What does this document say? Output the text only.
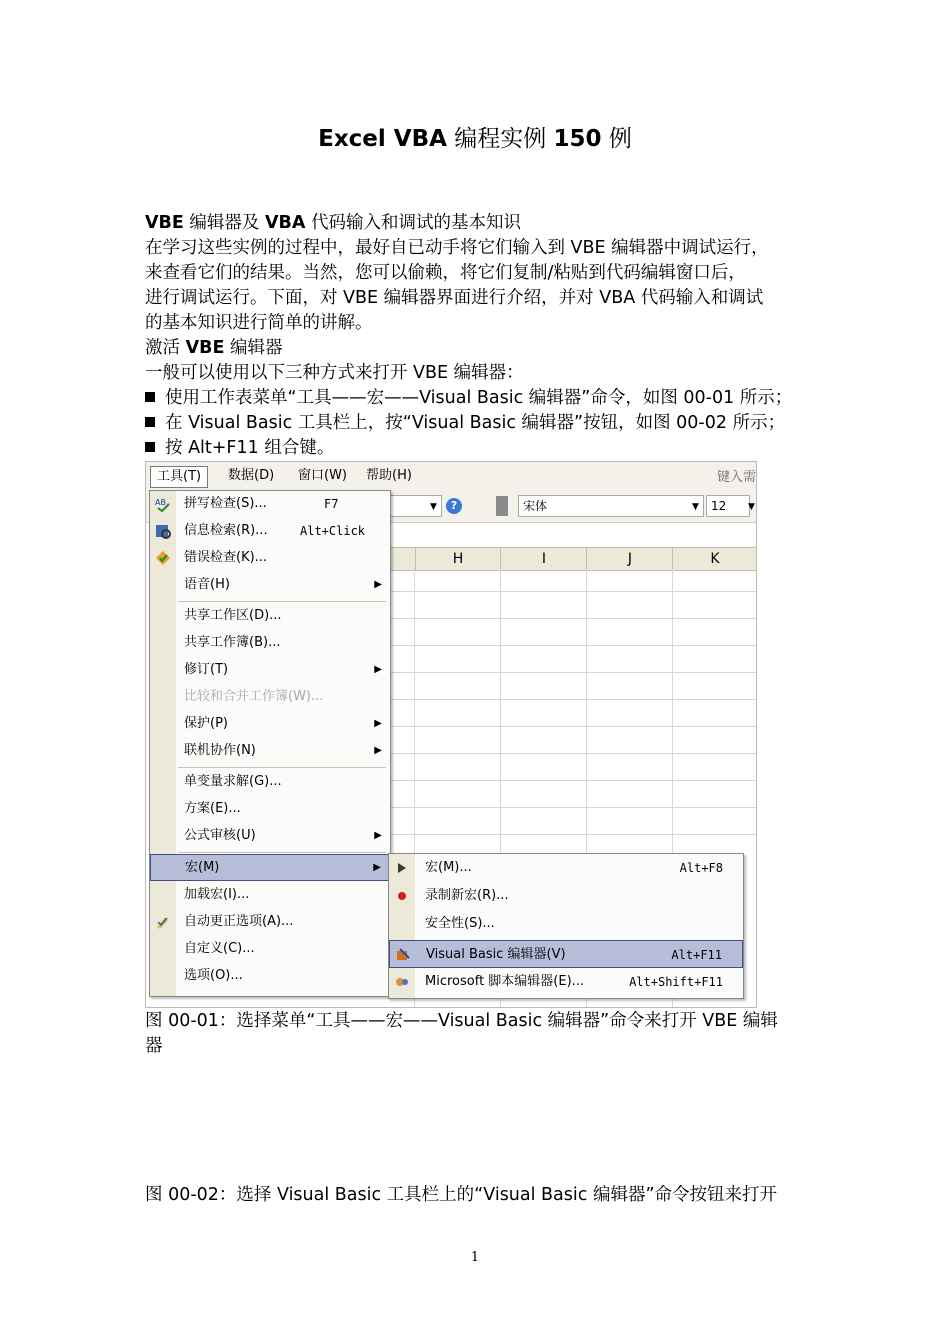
Excel VBA 编程实例 150 例
VBE 编辑器及 VBA 代码输入和调试的基本知识
在学习这些实例的过程中，最好自已动手将它们输入到 VBE 编辑器中调试运行，
来查看它们的结果。当然，您可以偷赖，将它们复制/粘贴到代码编辑窗口后，
进行调试运行。下面，对 VBE 编辑器界面进行介绍，并对 VBA 代码输入和调试
的基本知识进行简单的讲解。
激活 VBE 编辑器
一般可以使用以下三种方式来打开 VBE 编辑器：
使用工作表菜单“工具——宏——Visual Basic 编辑器”命令，如图 00-01 所示；
在 Visual Basic 工具栏上，按“Visual Basic 编辑器”按钮，如图 00-02 所示；
按 Alt+F11 组合键。
工具(T)	数据(D)	窗口(W)	帮助(H)	键入需
▼	?	宋体	▼	12	▼
H	I	J	K
AB 拼写检查(S)...	F7
信息检索(R)...	Alt+Click
错误检查(K)...
语音(H)	▶
共享工作区(D)...
共享工作簿(B)...
修订(T)	▶
比较和合并工作簿(W)...
保护(P)	▶
联机协作(N)	▶
单变量求解(G)...
方案(E)...
公式审核(U)	▶
宏(M)	▶
加载宏(I)...
自动更正选项(A)...
自定义(C)...
选项(O)...
宏(M)...	Alt+F8
录制新宏(R)...
安全性(S)...
Visual Basic 编辑器(V)	Alt+F11
Microsoft 脚本编辑器(E)...	Alt+Shift+F11
图 00-01：选择菜单“工具——宏——Visual Basic 编辑器”命令来打开 VBE 编辑
器
图 00-02：选择 Visual Basic 工具栏上的“Visual Basic 编辑器”命令按钮来打开
1
